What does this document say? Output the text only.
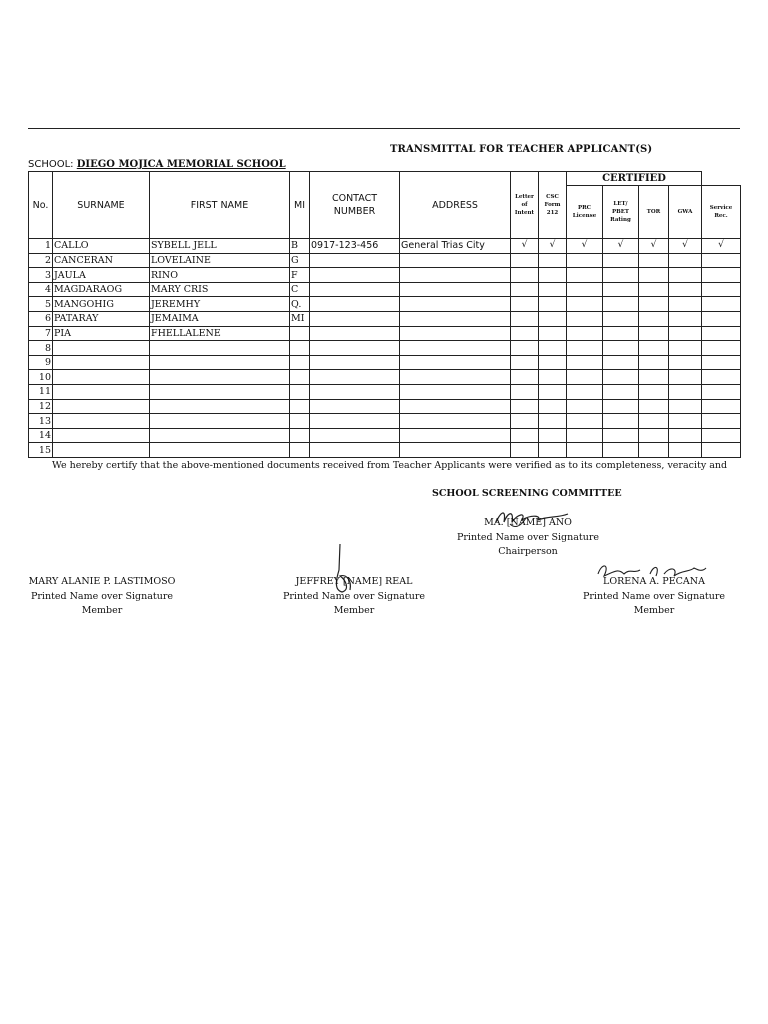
TRANSMITTAL FOR TEACHER APPLICANT(S)
SCHOOL: DIEGO MOJICA MEMORIAL SCHOOL
No.	SURNAME	FIRST NAME	MI	CONTACT NUMBER	ADDRESS	Letter of Intent	CSC Form 212	CERTIFIED				
								PRC License	LET/ PBET Rating	TOR	GWA	Service Rec.
1	CALLO	SYBELL JELL	B	0917-123-456	General Trias City	√	√	√	√	√	√	√
2	CANCERAN	LOVELAINE	G									
3	JAULA	RINO	F									
4	MAGDARAOG	MARY CRIS	C									
5	MANGOHIG	JEREMHY	Q.									
6	PATARAY	JEMAIMA	MI									
7	PIA	FHELLALENE										
8												
9												
10												
11												
12												
13												
14												
15												
We hereby certify that the above-mentioned documents received from Teacher Applicants were verified as to its completeness, veracity and
SCHOOL SCREENING COMMITTEE
MA. [NAME] ANO
Printed Name over Signature
Chairperson
MARY ALANIE P. LASTIMOSO
Printed Name over Signature
Member
JEFFREY [NAME] REAL
Printed Name over Signature
Member
LORENA A. PECANA
Printed Name over Signature
Member
